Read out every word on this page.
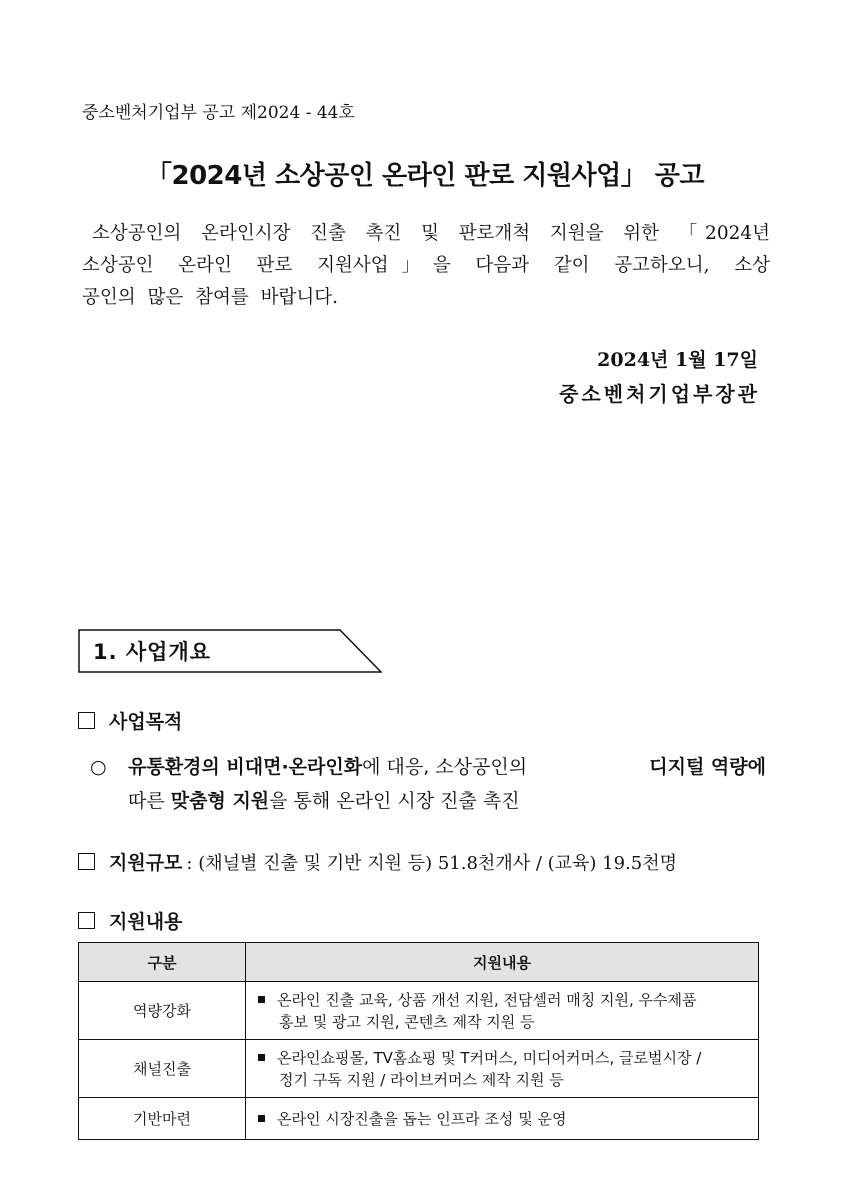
중소벤처기업부 공고 제2024 - 44호
「2024년 소상공인 온라인 판로 지원사업」 공고
소상공인의 온라인시장 진출 촉진 및 판로개척 지원을 위한 「2024년
소상공인 온라인 판로 지원사업」을 다음과 같이 공고하오니, 소상
공인의 많은 참여를 바랍니다.
2024년 1월 17일
중소벤처기업부장관
1. 사업개요
사업목적
○ 유통환경의 비대면·온라인화에 대응, 소상공인의	디지털 역량에
따른 맞춤형 지원을 통해 온라인 시장 진출 촉진
지원규모 : (채널별 진출 및 기반 지원 등) 51.8천개사 / (교육) 19.5천명
지원내용
구분	지원내용
역량강화	온라인 진출 교육, 상품 개선 지원, 전담셀러 매칭 지원, 우수제품
홍보 및 광고 지원, 콘텐츠 제작 지원 등

채널진출	온라인쇼핑몰, TV홈쇼핑 및 T커머스, 미디어커머스, 글로벌시장 /
정기 구독 지원 / 라이브커머스 제작 지원 등

기반마련	온라인 시장진출을 돕는 인프라 조성 및 운영
